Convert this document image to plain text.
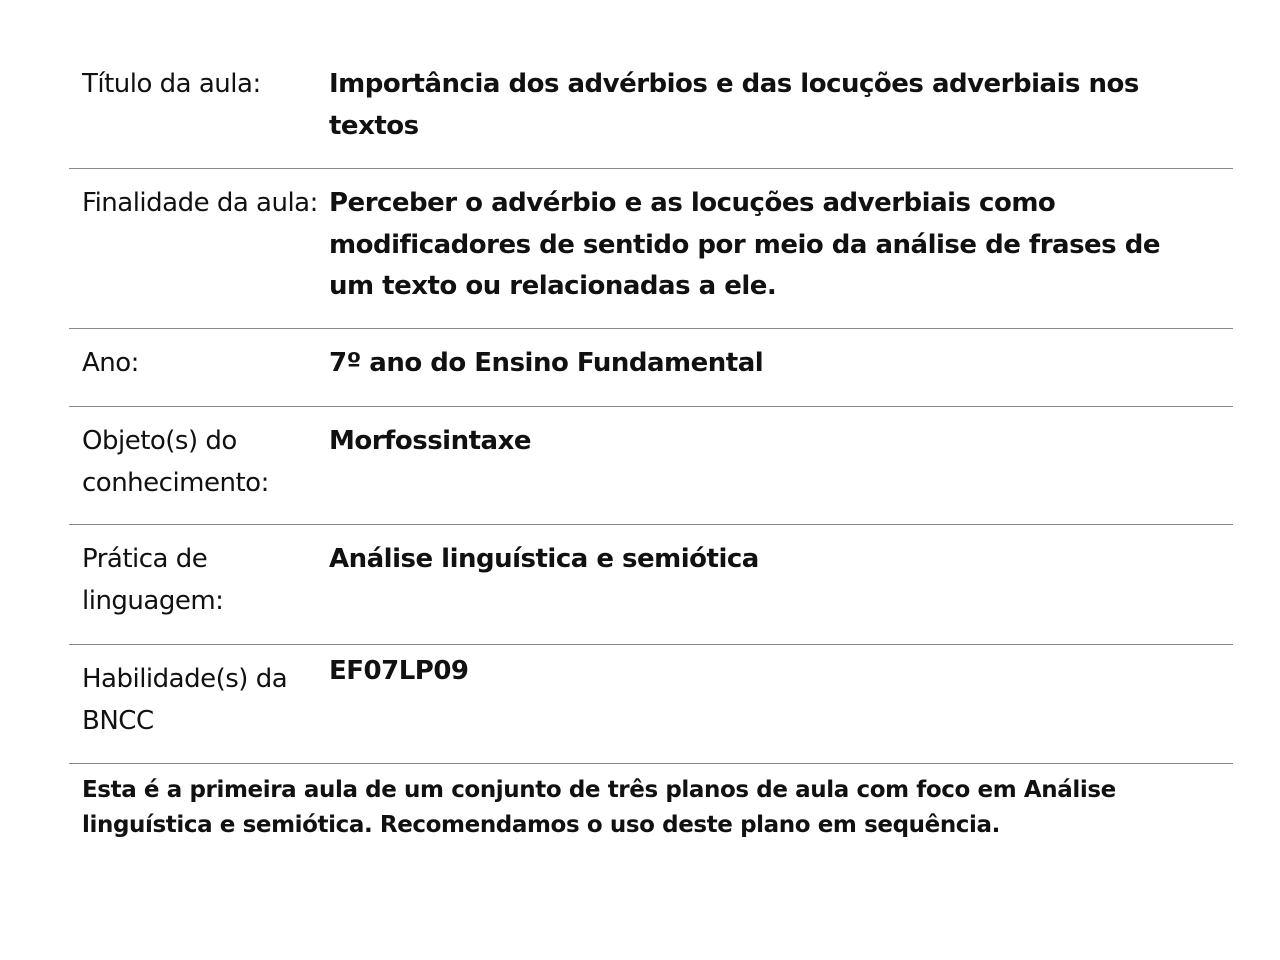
Título da aula:	Importância dos advérbios e das locuções adverbiais nos textos
Finalidade da aula: Perceber o advérbio e as locuções adverbiais como modificadores de sentido por meio da análise de frases de um texto ou relacionadas a ele.
Ano:	7º ano do Ensino Fundamental
Objeto(s) do conhecimento:
Morfossintaxe
Prática de linguagem:
Análise linguística e semiótica
Habilidade(s) da BNCC
EF07LP09
Esta é a primeira aula de um conjunto de três planos de aula com foco em Análise linguística e semiótica. Recomendamos o uso deste plano em sequência.
